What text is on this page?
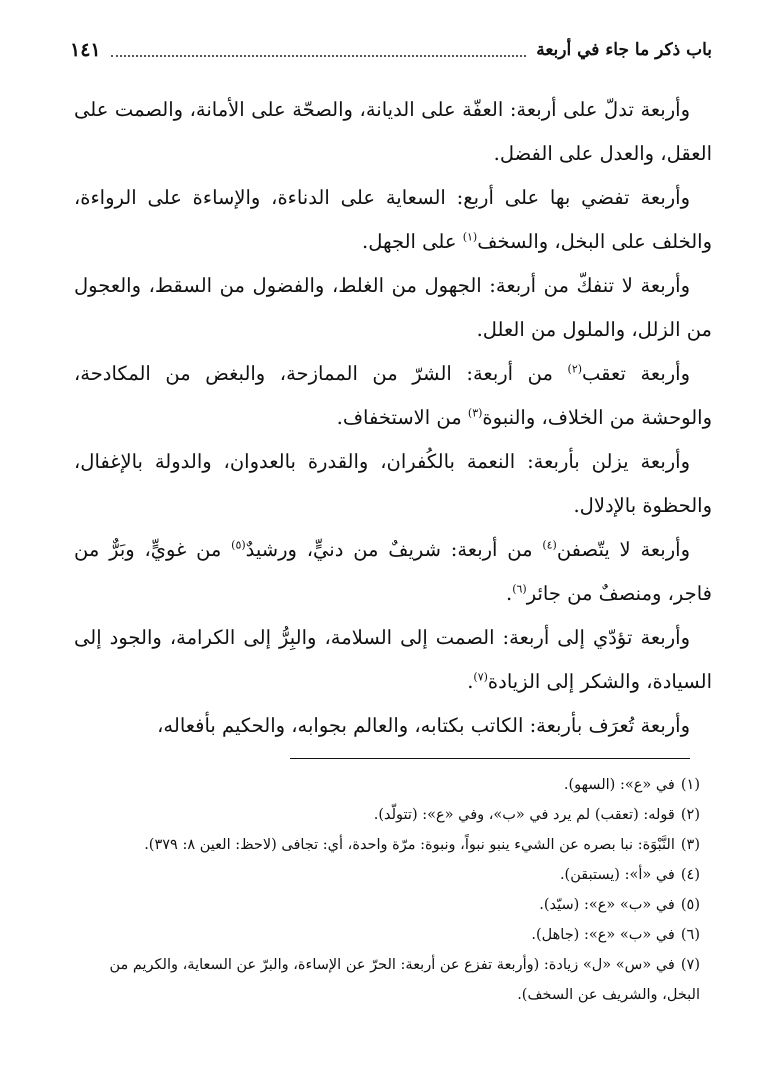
باب ذكر ما جاء في أربعة
١٤١

وأربعة تدلّ على أربعة: العفّة على الديانة، والصحّة على الأمانة، والصمت على العقل، والعدل على الفضل.

وأربعة تفضي بها على أربع: السعاية على الدناءة، والإساءة على الرواءة، والخلف على البخل، والسخف$^{(١)}$ على الجهل.

وأربعة لا تنفكّ من أربعة: الجهول من الغلط، والفضول من السقط، والعجول من الزلل، والملول من العلل.

وأربعة تعقب$^{(٢)}$ من أربعة: الشرّ من الممازحة، والبغض من المكادحة، والوحشة من الخلاف، والنبوة$^{(٣)}$ من الاستخفاف.

وأربعة يزلن بأربعة: النعمة بالكُفران، والقدرة بالعدوان، والدولة بالإغفال، والحظوة بالإدلال.

وأربعة لا يتّصفن$^{(٤)}$ من أربعة: شريفٌ من دنيٍّ، ورشيدٌ$^{(٥)}$ من غويٍّ، وبَرٌّ من فاجر، ومنصفٌ من جائر$^{(٦)}$.

وأربعة تؤدّي إلى أربعة: الصمت إلى السلامة، والبِرُّ إلى الكرامة، والجود إلى السيادة، والشكر إلى الزيادة$^{(٧)}$.

وأربعة تُعرَف بأربعة: الكاتب بكتابه، والعالم بجوابه، والحكيم بأفعاله،

(١)في «ع»: (السهو).

(٢)قوله: (تعقب) لم يرد في «ب»، وفي «ع»: (تتولّد).

(٣)النَّبْوَة: نبا بصره عن الشيء ينبو نبواً، ونبوة: مرّة واحدة، أي: تجافى (لاحظ: العين ٨: ٣٧٩).

(٤)في «أ»: (يستبقن).

(٥)في «ب» «ع»: (سيّد).

(٦)في «ب» «ع»: (جاهل).

(٧)في «س» «ل» زيادة: (وأربعة تفزع عن أربعة: الحرّ عن الإساءة، والبرّ عن السعاية، والكريم من البخل، والشريف عن السخف).
